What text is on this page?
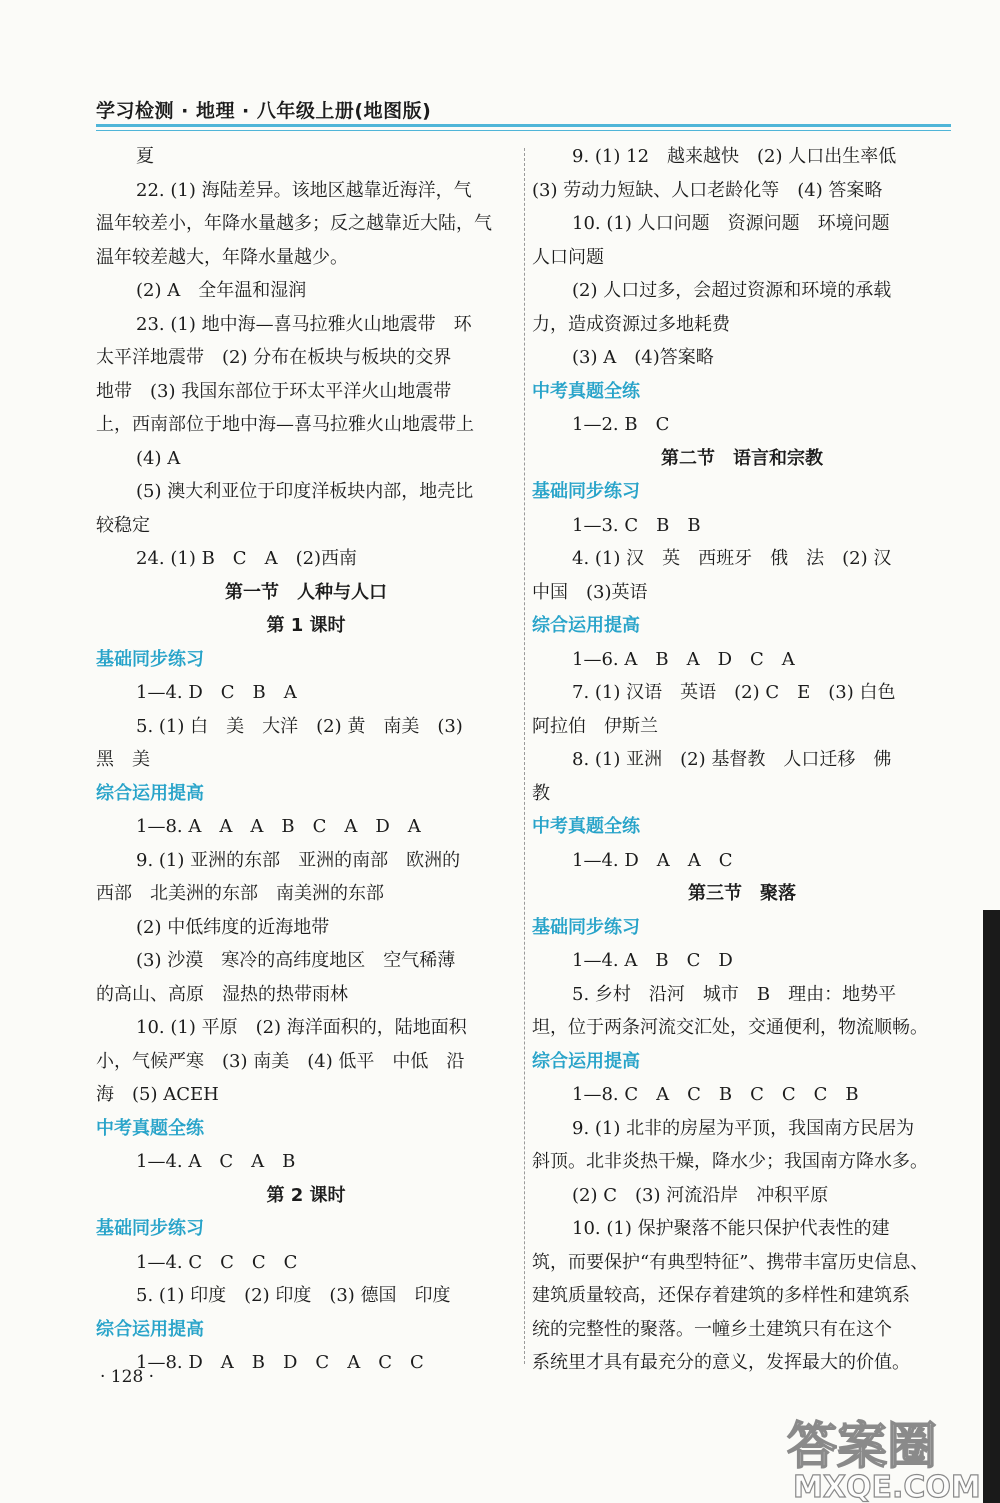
学习检测 · 地理 · 八年级上册(地图版)
夏
22. (1) 海陆差异。该地区越靠近海洋，气
温年较差小，年降水量越多；反之越靠近大陆，气
温年较差越大，年降水量越少。
(2) A　全年温和湿润
23. (1) 地中海—喜马拉雅火山地震带　环
太平洋地震带　(2) 分布在板块与板块的交界
地带　(3) 我国东部位于环太平洋火山地震带
上，西南部位于地中海—喜马拉雅火山地震带上
(4) A
(5) 澳大利亚位于印度洋板块内部，地壳比
较稳定
24. (1) B　C　A　(2)西南
第一节　人种与人口
第 1 课时
基础同步练习
1—4. D　C　B　A
5. (1) 白　美　大洋　(2) 黄　南美　(3)
黑　美
综合运用提高
1—8. A　A　A　B　C　A　D　A
9. (1) 亚洲的东部　亚洲的南部　欧洲的
西部　北美洲的东部　南美洲的东部
(2) 中低纬度的近海地带
(3) 沙漠　寒冷的高纬度地区　空气稀薄
的高山、高原　湿热的热带雨林
10. (1) 平原　(2) 海洋面积的，陆地面积
小，气候严寒　(3) 南美　(4) 低平　中低　沿
海　(5) ACEH
中考真题全练
1—4. A　C　A　B
第 2 课时
基础同步练习
1—4. C　C　C　C
5. (1) 印度　(2) 印度　(3) 德国　印度
综合运用提高
1—8. D　A　B　D　C　A　C　C
9. (1) 12　越来越快　(2) 人口出生率低
(3) 劳动力短缺、人口老龄化等　(4) 答案略
10. (1) 人口问题　资源问题　环境问题
人口问题
(2) 人口过多，会超过资源和环境的承载
力，造成资源过多地耗费
(3) A　(4)答案略
中考真题全练
1—2. B　C
第二节　语言和宗教
基础同步练习
1—3. C　B　B
4. (1) 汉　英　西班牙　俄　法　(2) 汉
中国　(3)英语
综合运用提高
1—6. A　B　A　D　C　A
7. (1) 汉语　英语　(2) C　E　(3) 白色
阿拉伯　伊斯兰
8. (1) 亚洲　(2) 基督教　人口迁移　佛
教
中考真题全练
1—4. D　A　A　C
第三节　聚落
基础同步练习
1—4. A　B　C　D
5. 乡村　沿河　城市　B　理由：地势平
坦，位于两条河流交汇处，交通便利，物流顺畅。
综合运用提高
1—8. C　A　C　B　C　C　C　B
9. (1) 北非的房屋为平顶，我国南方民居为
斜顶。北非炎热干燥，降水少；我国南方降水多。
(2) C　(3) 河流沿岸　冲积平原
10. (1) 保护聚落不能只保护代表性的建
筑，而要保护“有典型特征”、携带丰富历史信息、
建筑质量较高，还保存着建筑的多样性和建筑系
统的完整性的聚落。一幢乡土建筑只有在这个
系统里才具有最充分的意义，发挥最大的价值。
· 128 ·
答案圈
MXQE.COM
